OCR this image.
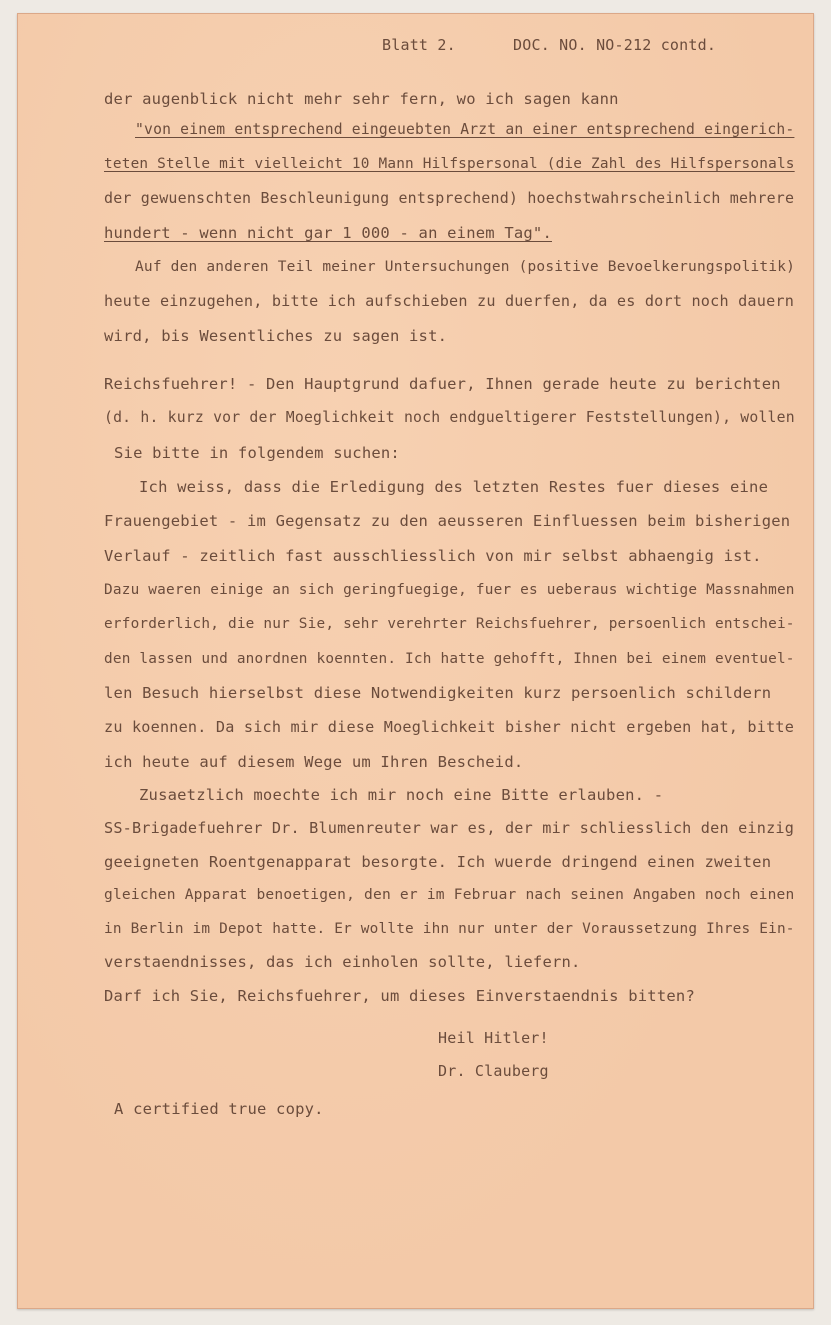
Blatt 2.	DOC. NO. NO-212 contd.
der augenblick nicht mehr sehr fern, wo ich sagen kann
"von einem entsprechend eingeuebten Arzt an einer entsprechend eingerich-
teten Stelle mit vielleicht 10 Mann Hilfspersonal (die Zahl des Hilfspersonals
der gewuenschten Beschleunigung entsprechend) hoechstwahrscheinlich mehrere
hundert - wenn nicht gar 1 000 - an einem Tag".
Auf den anderen Teil meiner Untersuchungen (positive Bevoelkerungspolitik)
heute einzugehen, bitte ich aufschieben zu duerfen, da es dort noch dauern
wird, bis Wesentliches zu sagen ist.
Reichsfuehrer! - Den Hauptgrund dafuer, Ihnen gerade heute zu berichten
(d. h. kurz vor der Moeglichkeit noch endgueltigerer Feststellungen), wollen
Sie bitte in folgendem suchen:
Ich weiss, dass die Erledigung des letzten Restes fuer dieses eine
Frauengebiet - im Gegensatz zu den aeusseren Einfluessen beim bisherigen
Verlauf - zeitlich fast ausschliesslich von mir selbst abhaengig ist.
Dazu waeren einige an sich geringfuegige, fuer es ueberaus wichtige Massnahmen
erforderlich, die nur Sie, sehr verehrter Reichsfuehrer, persoenlich entschei-
den lassen und anordnen koennten. Ich hatte gehofft, Ihnen bei einem eventuel-
len Besuch hierselbst diese Notwendigkeiten kurz persoenlich schildern
zu koennen. Da sich mir diese Moeglichkeit bisher nicht ergeben hat, bitte
ich heute auf diesem Wege um Ihren Bescheid.
Zusaetzlich moechte ich mir noch eine Bitte erlauben. -
SS-Brigadefuehrer Dr. Blumenreuter war es, der mir schliesslich den einzig
geeigneten Roentgenapparat besorgte. Ich wuerde dringend einen zweiten
gleichen Apparat benoetigen, den er im Februar nach seinen Angaben noch einen
in Berlin im Depot hatte. Er wollte ihn nur unter der Voraussetzung Ihres Ein-
verstaendnisses, das ich einholen sollte, liefern.
Darf ich Sie, Reichsfuehrer, um dieses Einverstaendnis bitten?
Heil Hitler!
Dr. Clauberg
A certified true copy.
